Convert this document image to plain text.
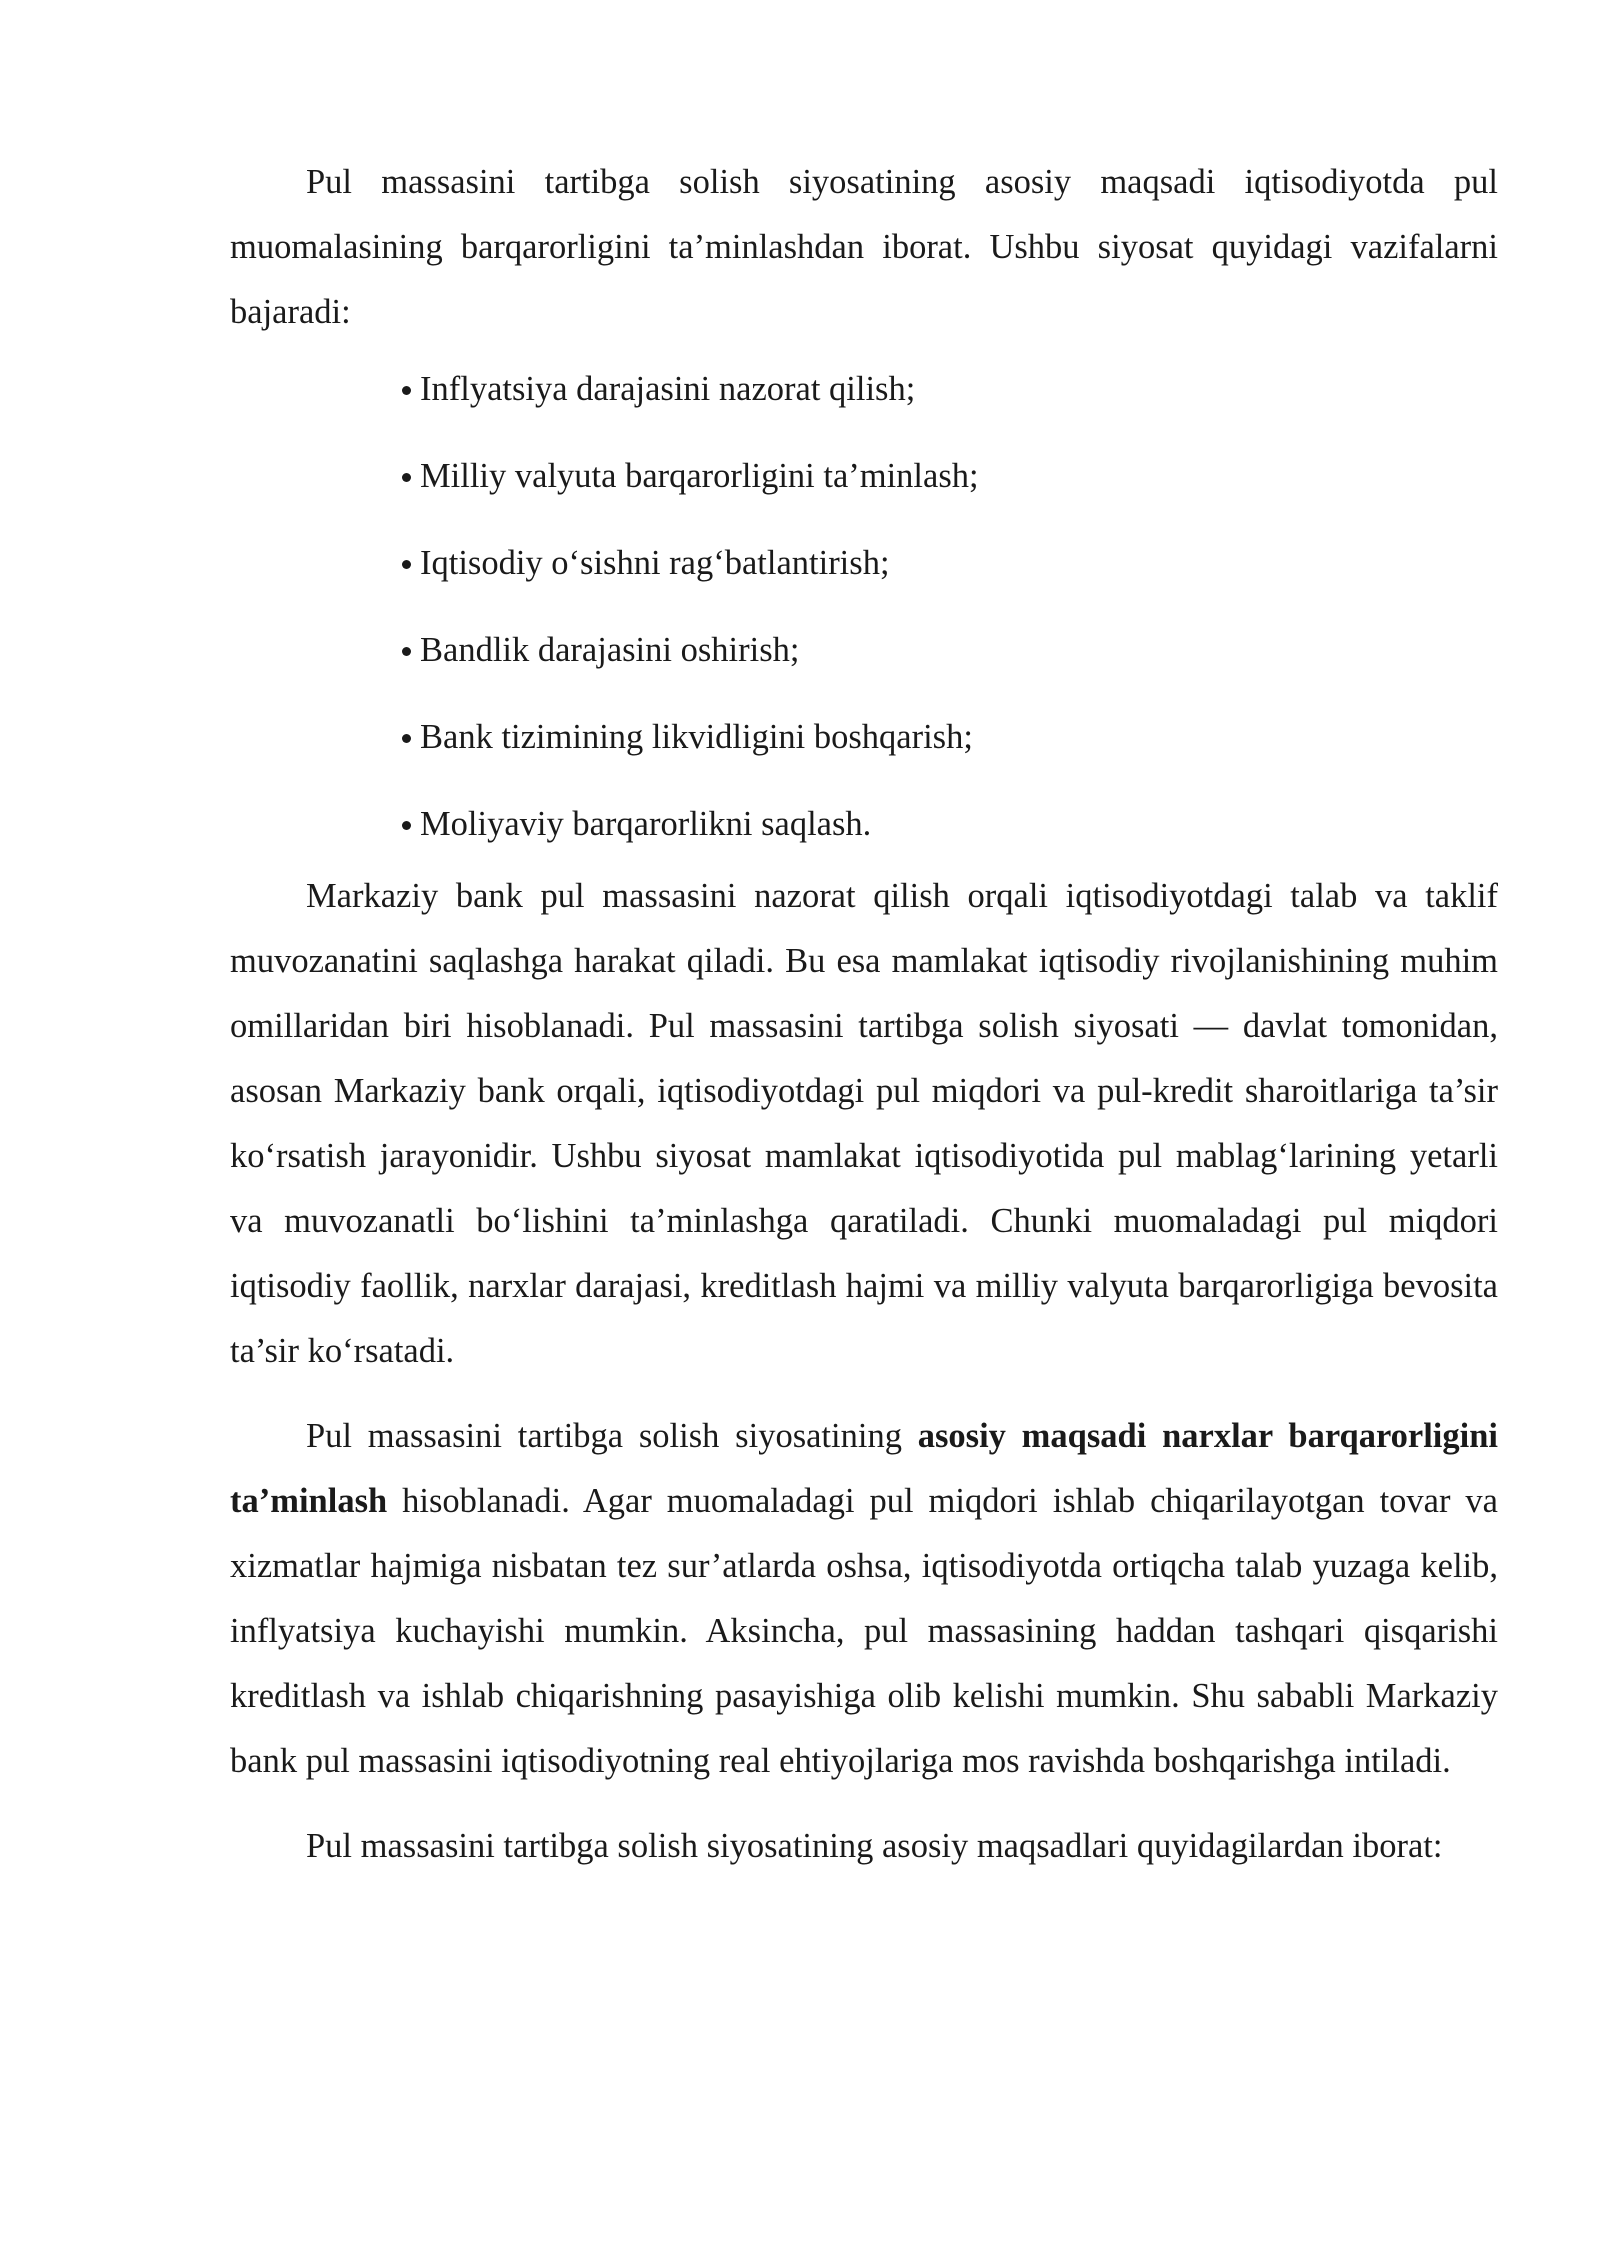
Pul massasini tartibga solish siyosatining asosiy maqsadi iqtisodiyotda pul muomalasining barqarorligini ta’minlashdan iborat. Ushbu siyosat quyidagi vazifalarni bajaradi:

Inflyatsiya darajasini nazorat qilish;
Milliy valyuta barqarorligini ta’minlash;
Iqtisodiy o‘sishni rag‘batlantirish;
Bandlik darajasini oshirish;
Bank tizimining likvidligini boshqarish;
Moliyaviy barqarorlikni saqlash.

Markaziy bank pul massasini nazorat qilish orqali iqtisodiyotdagi talab va taklif muvozanatini saqlashga harakat qiladi. Bu esa mamlakat iqtisodiy rivojlanishining muhim omillaridan biri hisoblanadi. Pul massasini tartibga solish siyosati — davlat tomonidan, asosan Markaziy bank orqali, iqtisodiyotdagi pul miqdori va pul-kredit sharoitlariga ta’sir ko‘rsatish jarayonidir. Ushbu siyosat mamlakat iqtisodiyotida pul mablag‘larining yetarli va muvozanatli bo‘lishini ta’minlashga qaratiladi. Chunki muomaladagi pul miqdori iqtisodiy faollik, narxlar darajasi, kreditlash hajmi va milliy valyuta barqarorligiga bevosita ta’sir ko‘rsatadi.

Pul massasini tartibga solish siyosatining asosiy maqsadi narxlar barqarorligini ta’minlash hisoblanadi. Agar muomaladagi pul miqdori ishlab chiqarilayotgan tovar va xizmatlar hajmiga nisbatan tez sur’atlarda oshsa, iqtisodiyotda ortiqcha talab yuzaga kelib, inflyatsiya kuchayishi mumkin. Aksincha, pul massasining haddan tashqari qisqarishi kreditlash va ishlab chiqarishning pasayishiga olib kelishi mumkin. Shu sababli Markaziy bank pul massasini iqtisodiyotning real ehtiyojlariga mos ravishda boshqarishga intiladi.

Pul massasini tartibga solish siyosatining asosiy maqsadlari quyidagilardan iborat:
